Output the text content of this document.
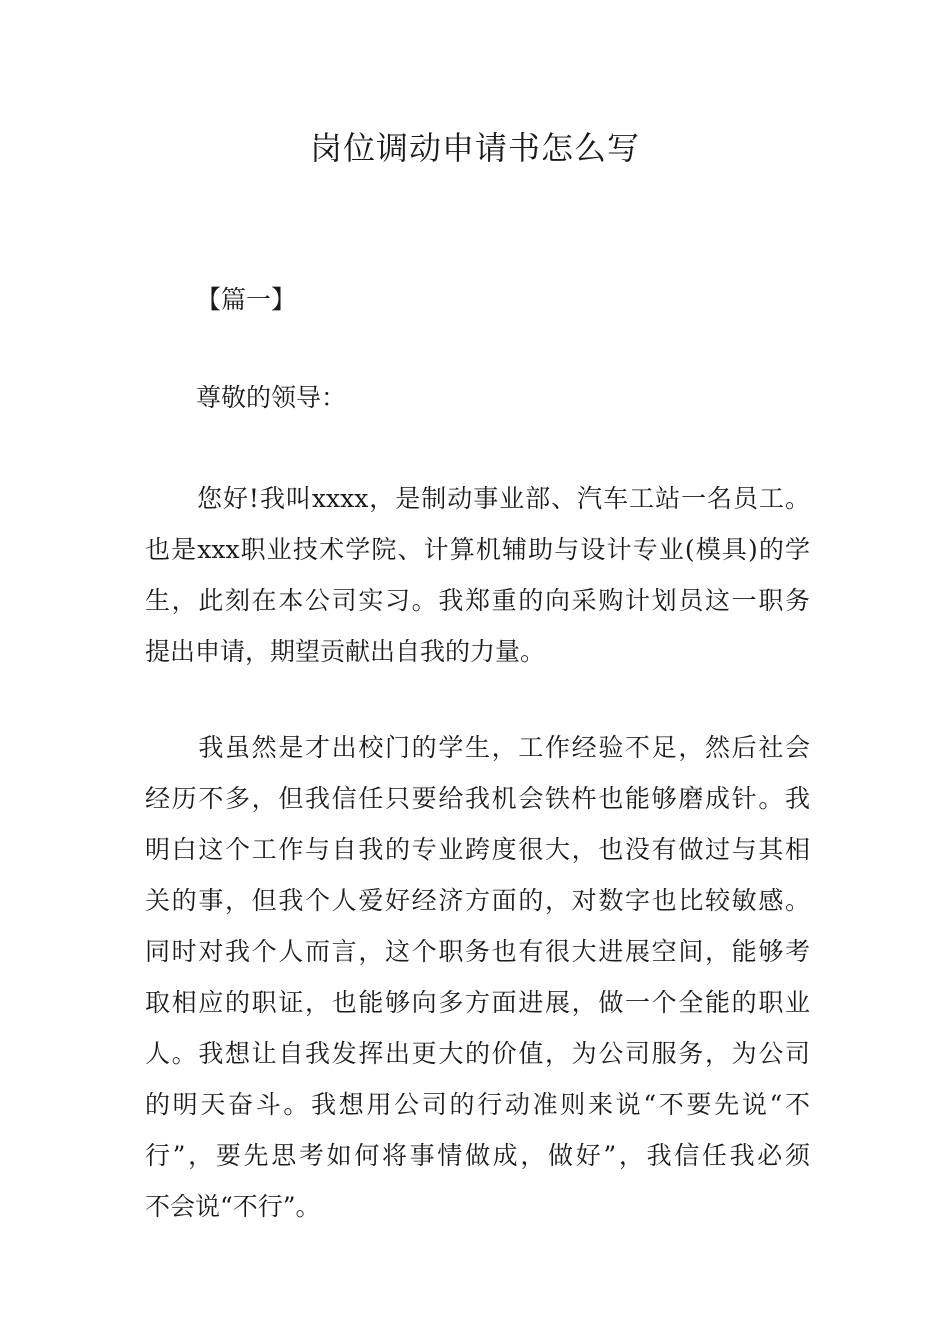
岗位调动申请书怎么写

【篇一】

尊敬的领导：

　　您好!我叫xxxx，是制动事业部、汽车工站一名员工。
也是xxx职业技术学院、计算机辅助与设计专业(模具)的学
生，此刻在本公司实习。我郑重的向采购计划员这一职务
提出申请，期望贡献出自我的力量。

　　我虽然是才出校门的学生，工作经验不足，然后社会
经历不多，但我信任只要给我机会铁杵也能够磨成针。我
明白这个工作与自我的专业跨度很大，也没有做过与其相
关的事，但我个人爱好经济方面的，对数字也比较敏感。
同时对我个人而言，这个职务也有很大进展空间，能够考
取相应的职证，也能够向多方面进展，做一个全能的职业
人。我想让自我发挥出更大的价值，为公司服务，为公司
的明天奋斗。我想用公司的行动准则来说“不要先说“不
行”，要先思考如何将事情做成，做好”，我信任我必须
不会说“不行”。
